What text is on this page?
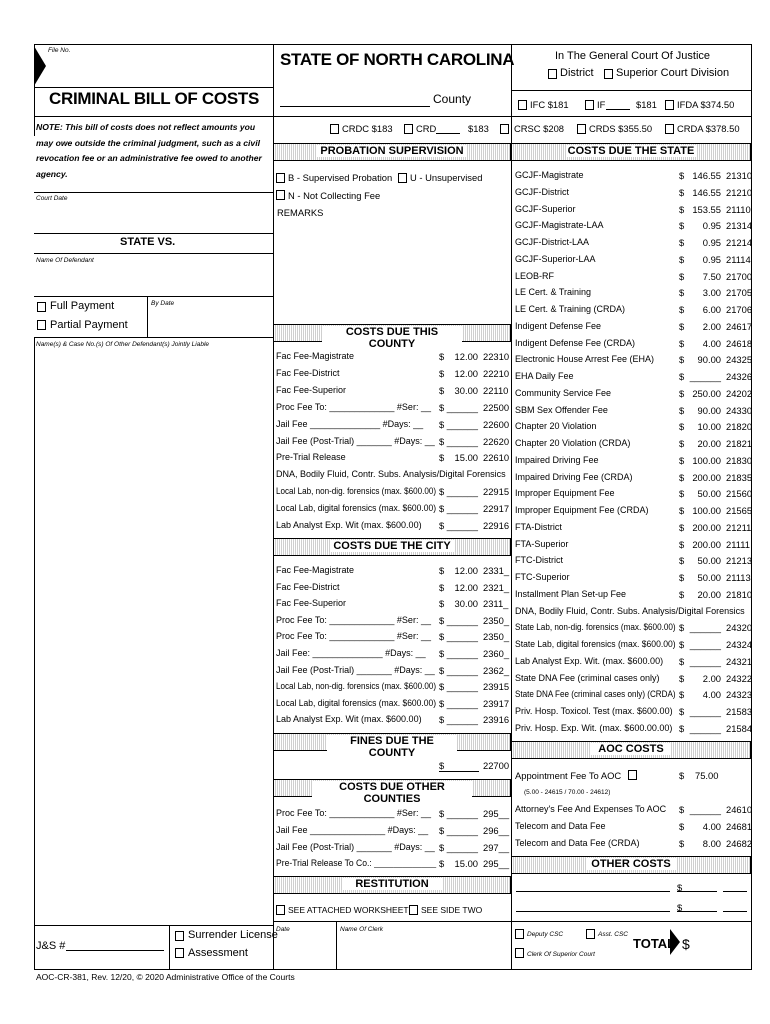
File No.
CRIMINAL BILL OF COSTS
NOTE: This bill of costs does not reflect amounts you
may owe outside the criminal judgment, such as a civil
revocation fee or an administrative fee owed to another
agency.
Court Date
STATE VS.
Name Of Defendant
Full Payment
Partial Payment
By Date
Name(s) & Case No.(s) Of Other Defendant(s) Jointly Liable
J&S #
Surrender License
Assessment
AOC-CR-381, Rev. 12/20, © 2020 Administrative Office of the Courts
STATE OF NORTH CAROLINA
County
In The General Court Of Justice
District Superior Court Division
IFC $181	IF	$181 IFDA $374.50
CRDC $183 CRD	$183	CRSC $208	CRDS $355.50	CRDA $378.50
PROBATION SUPERVISION
B - Supervised Probation U - Unsupervised
N - Not Collecting Fee
REMARKS
COSTS DUE THIS COUNTY
Fac Fee-Magistrate	$	12.00 22310
Fac Fee-District	$	12.00 22210
Fac Fee-Superior	$	30.00 22110
Proc Fee To: _____________ #Ser: __ $ ______ 22500
Jail Fee ______________ #Days: __ $ ______ 22600
Jail Fee (Post-Trial) _______ #Days: __ $ ______ 22620
Pre-Trial Release	$	15.00 22610
DNA, Bodily Fluid, Contr. Subs. Analysis/Digital Forensics
Local Lab, non-dig. forensics (max. $600.00) $ ______ 22915
Local Lab, digital forensics (max. $600.00) $ ______ 22917
Lab Analyst Exp. Wit (max. $600.00) $ ______ 22916
COSTS DUE THE CITY
Fac Fee-Magistrate	$	12.00 2331_
Fac Fee-District	$	12.00 2321_
Fac Fee-Superior	$	30.00 2311_
Proc Fee To: _____________ #Ser: __ $ ______ 2350_
Proc Fee To: _____________ #Ser: __ $ ______ 2350_
Jail Fee: ______________ #Days: __ $ ______ 2360_
Jail Fee (Post-Trial) _______ #Days: __ $ ______ 2362_
Local Lab, non-dig. forensics (max. $600.00) $ ______ 23915
Local Lab, digital forensics (max. $600.00) $ ______ 23917
Lab Analyst Exp. Wit (max. $600.00) $ ______ 23916
FINES DUE THE COUNTY
$	22700
COSTS DUE OTHER COUNTIES
Proc Fee To: _____________ #Ser: __ $ ______ 295__
Jail Fee _______________ #Days: __ $ ______ 296__
Jail Fee (Post-Trial) _______ #Days: __ $ ______ 297__
Pre-Trial Release To Co.: _____________ $	15.00 295__
RESTITUTION
SEE ATTACHED WORKSHEET SEE SIDE TWO
Date	Name Of Clerk
COSTS DUE THE STATE
GCJF-Magistrate	$ 146.55 21310
GCJF-District	$ 146.55 21210
GCJF-Superior	$ 153.55 21110
GCJF-Magistrate-LAA	$	0.95 21314
GCJF-District-LAA	$	0.95 21214
GCJF-Superior-LAA	$	0.95 21114
LEOB-RF	$	7.50 21700
LE Cert. & Training	$	3.00 21705
LE Cert. & Training (CRDA)	$	6.00 21706
Indigent Defense Fee	$	2.00 24617
Indigent Defense Fee (CRDA)	$	4.00 24618
Electronic House Arrest Fee (EHA)	$	90.00 24325
EHA Daily Fee	$ ______ 24326
Community Service Fee	$ 250.00 24202
SBM Sex Offender Fee	$	90.00 24330
Chapter 20 Violation	$	10.00 21820
Chapter 20 Violation (CRDA)	$	20.00 21821
Impaired Driving Fee	$ 100.00 21830
Impaired Driving Fee (CRDA)	$ 200.00 21835
Improper Equipment Fee	$	50.00 21560
Improper Equipment Fee (CRDA)	$ 100.00 21565
FTA-District	$ 200.00 21211
FTA-Superior	$ 200.00 21111
FTC-District	$	50.00 21213
FTC-Superior	$	50.00 21113
Installment Plan Set-up Fee	$	20.00 21810
DNA, Bodily Fluid, Contr. Subs. Analysis/Digital Forensics
State Lab, non-dig. forensics (max. $600.00) $ ______ 24320
State Lab, digital forensics (max. $600.00) $ ______ 24324
Lab Analyst Exp. Wit. (max. $600.00) $ ______ 24321
State DNA Fee (criminal cases only) $	2.00 24322
State DNA Fee (criminal cases only) (CRDA) $	4.00 24323
Priv. Hosp. Toxicol. Test (max. $600.00) $ ______ 21583
Priv. Hosp. Exp. Wit. (max. $600.00.00) $ ______ 21584
AOC COSTS
Appointment Fee To AOC	$ 75.00
(5.00 - 24615 / 70.00 - 24612)
Attorney's Fee And Expenses To AOC $ ______ 24610
Telecom and Data Fee	$	4.00 24681
Telecom and Data Fee (CRDA)	$	8.00 24682
OTHER COSTS
$
$
Deputy CSC	Asst. CSC
Clerk Of Superior Court
TOTAL $
